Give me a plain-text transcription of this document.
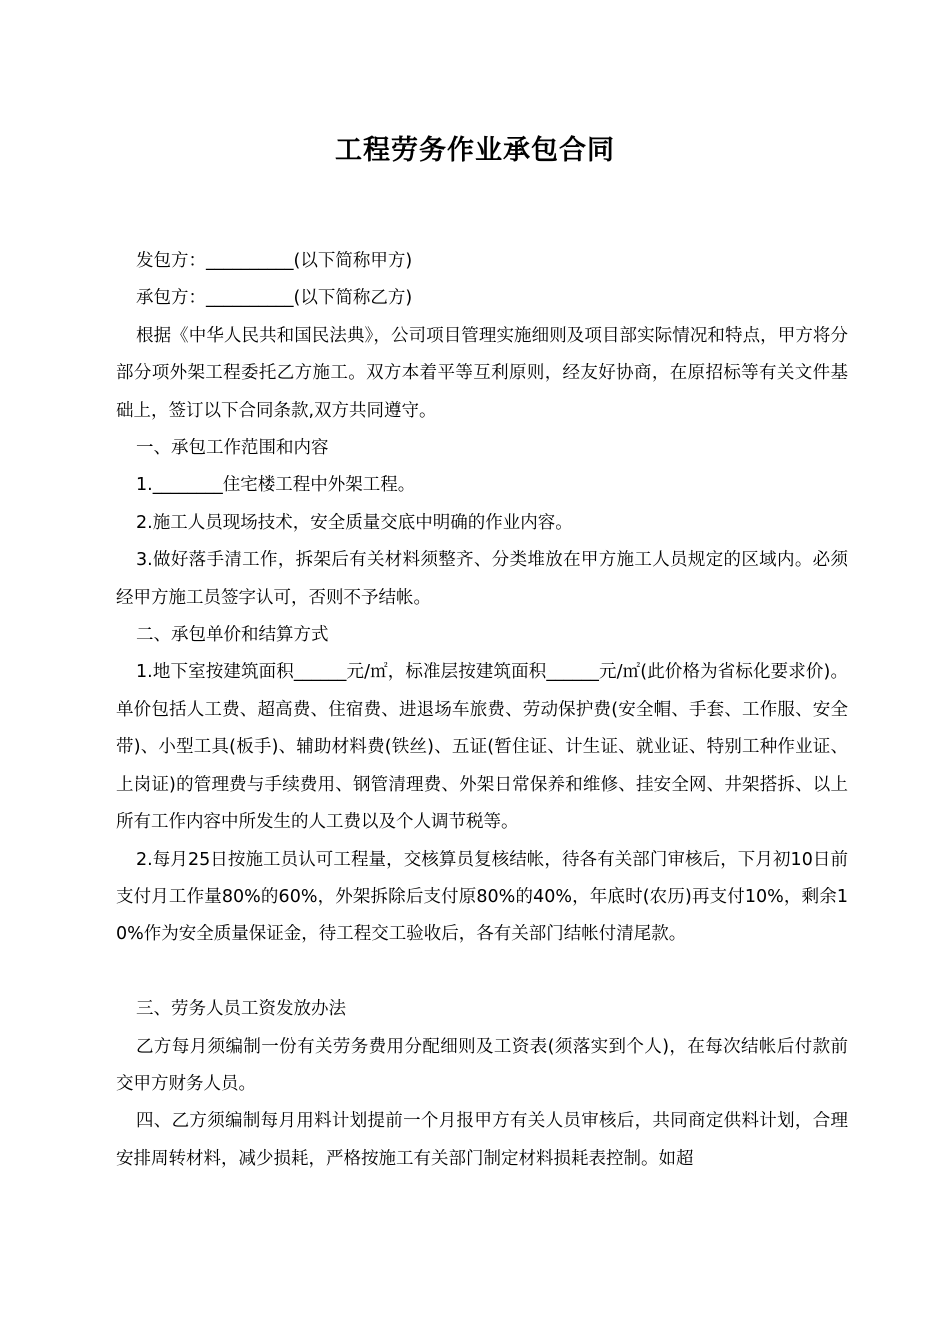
工程劳务作业承包合同

发包方：__________(以下简称甲方)

承包方：__________(以下简称乙方)

根据《中华人民共和国民法典》，公司项目管理实施细则及项目部实际情况和特点，甲方将分部分项外架工程委托乙方施工。双方本着平等互利原则，经友好协商，在原招标等有关文件基础上，签订以下合同条款,双方共同遵守。

一、承包工作范围和内容

1.________住宅楼工程中外架工程。

2.施工人员现场技术，安全质量交底中明确的作业内容。

3.做好落手清工作，拆架后有关材料须整齐、分类堆放在甲方施工人员规定的区域内。必须经甲方施工员签字认可，否则不予结帐。

二、承包单价和结算方式

1.地下室按建筑面积______元/㎡，标准层按建筑面积______元/㎡(此价格为省标化要求价)。单价包括人工费、超高费、住宿费、进退场车旅费、劳动保护费(安全帽、手套、工作服、安全带)、小型工具(板手)、辅助材料费(铁丝)、五证(暂住证、计生证、就业证、特别工种作业证、上岗证)的管理费与手续费用、钢管清理费、外架日常保养和维修、挂安全网、井架搭拆、以上所有工作内容中所发生的人工费以及个人调节税等。

2.每月25日按施工员认可工程量，交核算员复核结帐，待各有关部门审核后，下月初10日前支付月工作量80%的60%，外架拆除后支付原80%的40%，年底时(农历)再支付10%，剩余10%作为安全质量保证金，待工程交工验收后，各有关部门结帐付清尾款。

三、劳务人员工资发放办法

乙方每月须编制一份有关劳务费用分配细则及工资表(须落实到个人)，在每次结帐后付款前交甲方财务人员。

四、乙方须编制每月用料计划提前一个月报甲方有关人员审核后，共同商定供料计划，合理安排周转材料，减少损耗，严格按施工有关部门制定材料损耗表控制。如超
